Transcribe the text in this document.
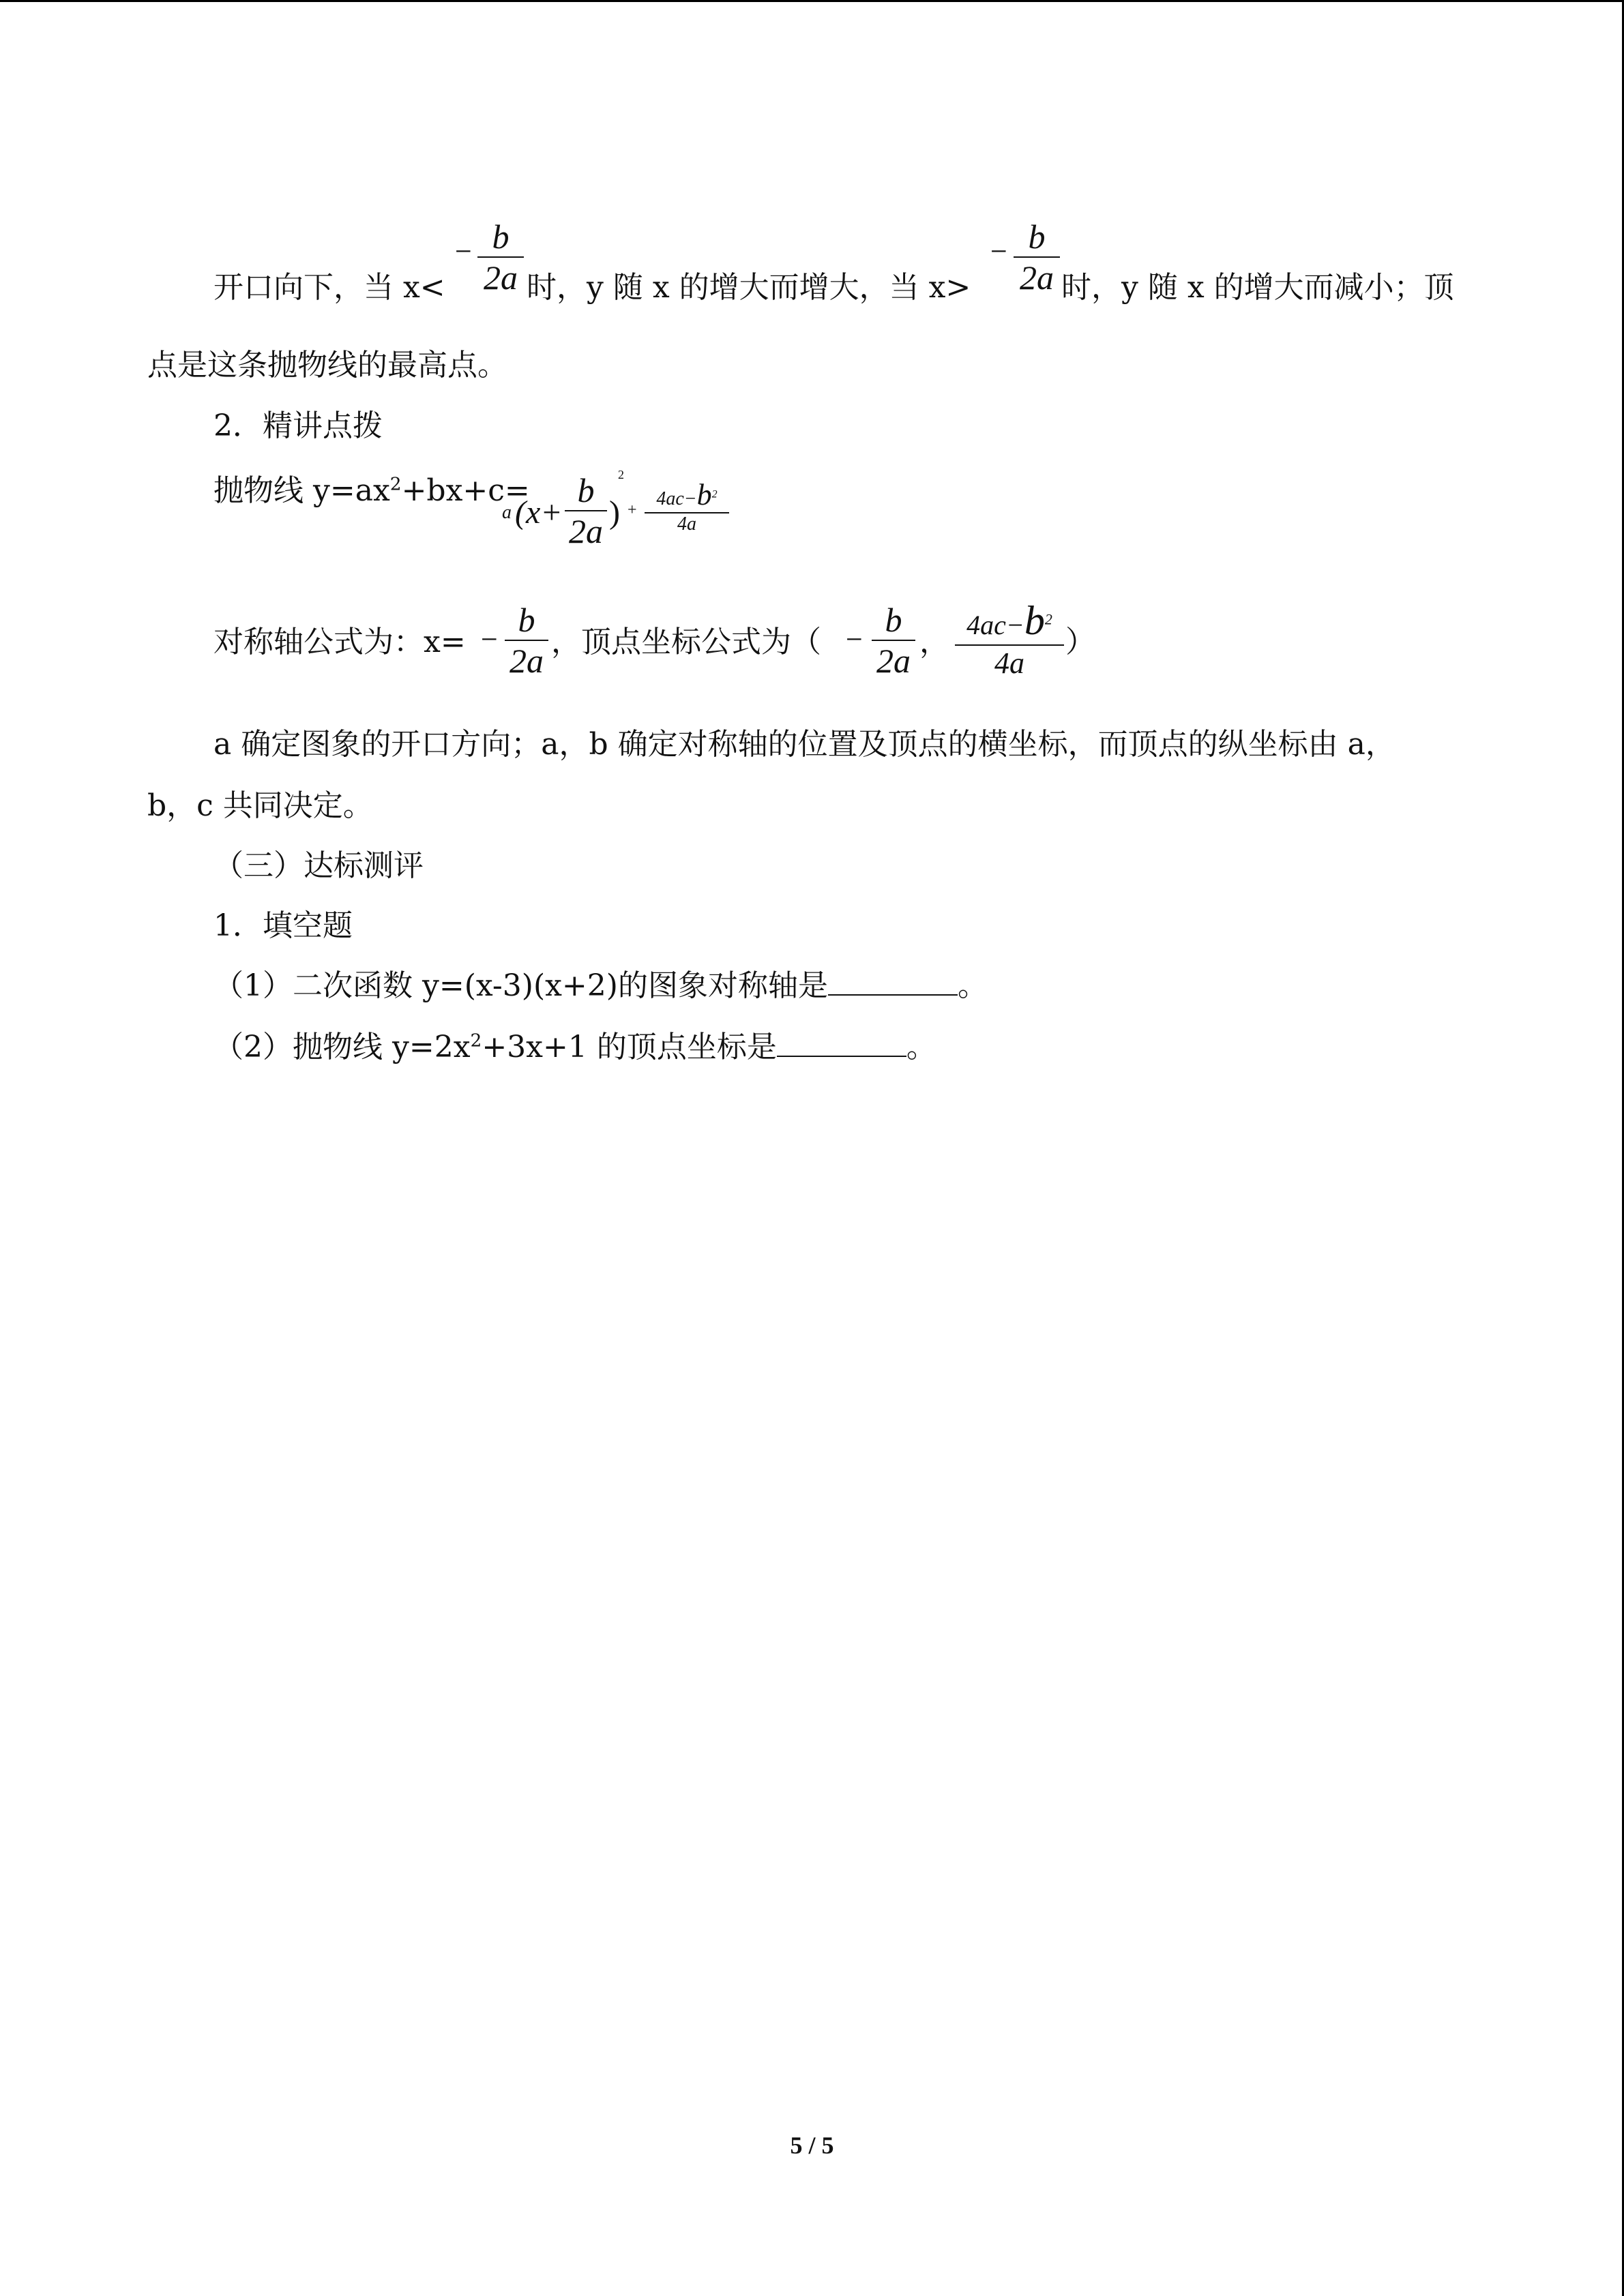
开口向下，当 x<
− b
2a 时，y 随 x 的增大而增大，当 x>
− b
2a 时，y 随 x 的增大而减小；顶
点是这条抛物线的最高点。
2．精讲点拨
抛物线 $y=ax^2+bx+c=$
a (x+
b
2a )
2
+
$4ac-b^2$
4a
对称轴公式为：x= −
b
2a ，顶点坐标公式为（ −
b
2a ， $4ac-b^2$
4a
）
a 确定图象的开口方向；a，b 确定对称轴的位置及顶点的横坐标，而顶点的纵坐标由 a，
b，c 共同决定。
（三）达标测评
1．填空题
（1）二次函数 y=(x-3)(x+2)的图象对称轴是	。
（2）抛物线 $y=2x^2+3x+1$ 的顶点坐标是	。
5 / 5
